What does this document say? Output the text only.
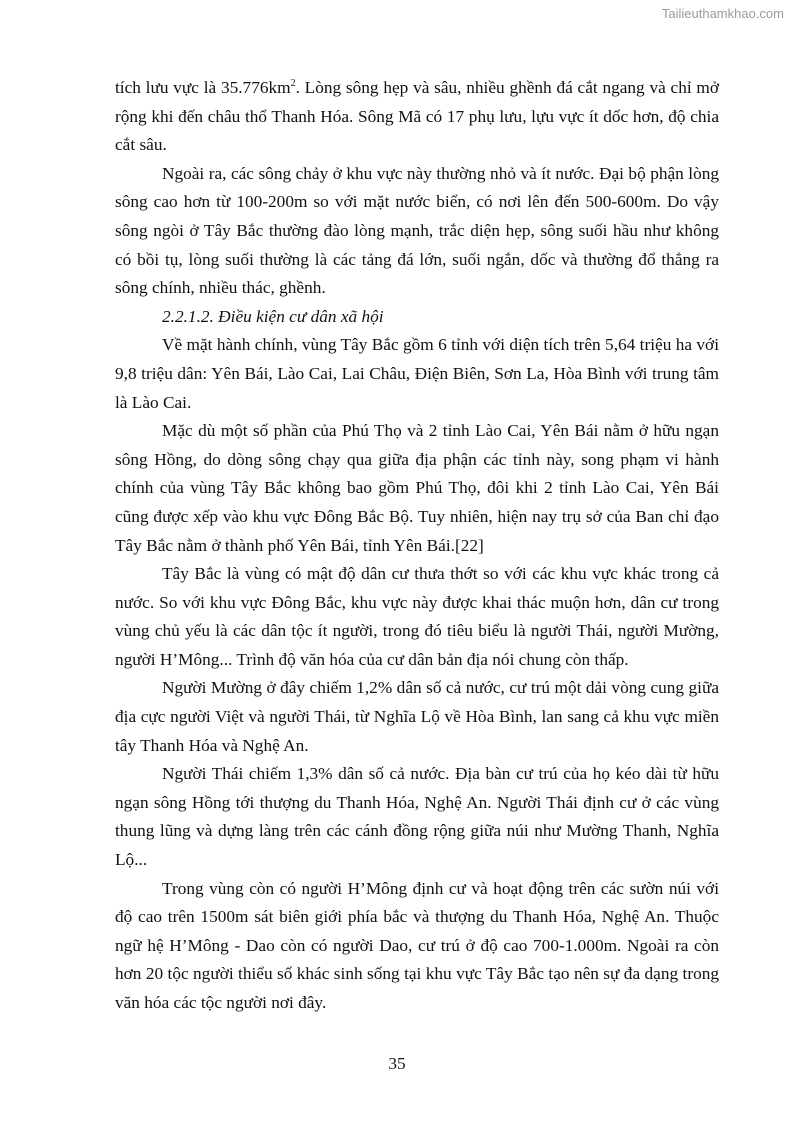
Tailieuthamkhao.com

tích lưu vực là $35.776km^2$. Lòng sông hẹp và sâu, nhiều ghềnh đá cắt ngang và chỉ mở rộng khi đến châu thổ Thanh Hóa. Sông Mã có 17 phụ lưu, lựu vực ít dốc hơn, độ chia cắt sâu.

Ngoài ra, các sông chảy ở khu vực này thường nhỏ và ít nước. Đại bộ phận lòng sông cao hơn từ 100-200m so với mặt nước biển, có nơi lên đến 500-600m. Do vậy sông ngòi ở Tây Bắc thường đào lòng mạnh, trắc diện hẹp, sông suối hầu như không có bồi tụ, lòng suối thường là các tảng đá lớn, suối ngắn, dốc và thường đổ thẳng ra sông chính, nhiều thác, ghềnh.

2.2.1.2. Điều kiện cư dân xã hội

Về mặt hành chính, vùng Tây Bắc gồm 6 tỉnh với diện tích trên 5,64 triệu ha với 9,8 triệu dân: Yên Bái, Lào Cai, Lai Châu, Điện Biên, Sơn La, Hòa Bình với trung tâm là Lào Cai.

Mặc dù một số phần của Phú Thọ và 2 tỉnh Lào Cai, Yên Bái nằm ở hữu ngạn sông Hồng, do dòng sông chạy qua giữa địa phận các tỉnh này, song phạm vi hành chính của vùng Tây Bắc không bao gồm Phú Thọ, đôi khi 2 tỉnh Lào Cai, Yên Bái cũng được xếp vào khu vực Đông Bắc Bộ. Tuy nhiên, hiện nay trụ sở của Ban chỉ đạo Tây Bắc nằm ở thành phố Yên Bái, tỉnh Yên Bái.[22]

Tây Bắc là vùng có mật độ dân cư thưa thớt so với các khu vực khác trong cả nước. So với khu vực Đông Bắc, khu vực này được khai thác muộn hơn, dân cư trong vùng chủ yếu là các dân tộc ít người, trong đó tiêu biểu là người Thái, người Mường, người H’Mông... Trình độ văn hóa của cư dân bản địa nói chung còn thấp.

Người Mường ở đây chiếm 1,2% dân số cả nước, cư trú một dải vòng cung giữa địa cực người Việt và người Thái, từ Nghĩa Lộ về Hòa Bình, lan sang cả khu vực miền tây Thanh Hóa và Nghệ An.

Người Thái chiếm 1,3% dân số cả nước. Địa bàn cư trú của họ kéo dài từ hữu ngạn sông Hồng tới thượng du Thanh Hóa, Nghệ An. Người Thái định cư ở các vùng thung lũng và dựng làng trên các cánh đồng rộng giữa núi như Mường Thanh, Nghĩa Lộ...

Trong vùng còn có người H’Mông định cư và hoạt động trên các sườn núi với độ cao trên 1500m sát biên giới phía bắc và thượng du Thanh Hóa, Nghệ An. Thuộc ngữ hệ H’Mông - Dao còn có người Dao, cư trú ở độ cao 700-1.000m. Ngoài ra còn hơn 20 tộc người thiểu số khác sinh sống tại khu vực Tây Bắc tạo nên sự đa dạng trong văn hóa các tộc người nơi đây.

35
